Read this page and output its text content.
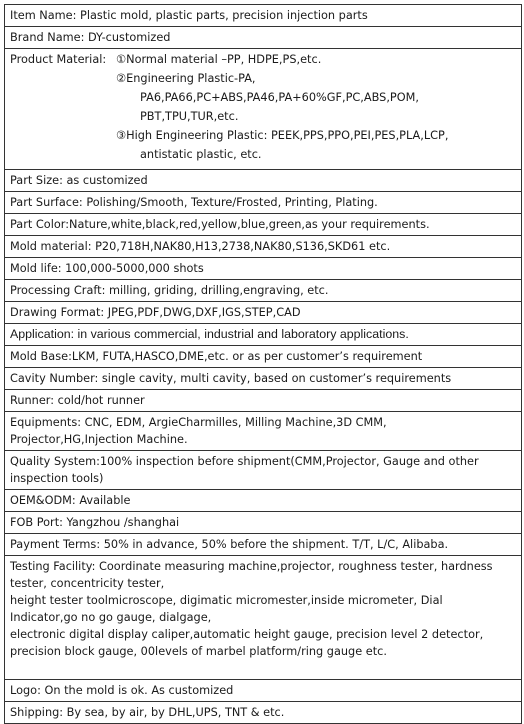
Item Name: Plastic mold, plastic parts, precision injection parts
Brand Name: DY-customized
Product Material: ①Normal material –PP, HDPE,PS,etc.
②Engineering Plastic-PA,
PA6,PA66,PC+ABS,PA46,PA+60%GF,PC,ABS,POM,
PBT,TPU,TUR,etc.
③High Engineering Plastic: PEEK,PPS,PPO,PEI,PES,PLA,LCP,
antistatic plastic, etc.
Part Size: as customized
Part Surface: Polishing/Smooth, Texture/Frosted, Printing, Plating.
Part Color:Nature,white,black,red,yellow,blue,green,as your requirements.
Mold material: P20,718H,NAK80,H13,2738,NAK80,S136,SKD61 etc.
Mold life: 100,000-5000,000 shots
Processing Craft: milling, griding, drilling,engraving, etc.
Drawing Format: JPEG,PDF,DWG,DXF,IGS,STEP,CAD
Application: in various commercial, industrial and laboratory applications.
Mold Base:LKM, FUTA,HASCO,DME,etc. or as per customer’s requirement
Cavity Number: single cavity, multi cavity, based on customer’s requirements
Runner: cold/hot runner
Equipments: CNC, EDM, ArgieCharmilles, Milling Machine,3D CMM,
Projector,HG,Injection Machine.
Quality System:100% inspection before shipment(CMM,Projector, Gauge and other
inspection tools)
OEM&ODM: Available
FOB Port: Yangzhou /shanghai
Payment Terms: 50% in advance, 50% before the shipment. T/T, L/C, Alibaba.
Testing Facility: Coordinate measuring machine,projector, roughness tester, hardness
tester, concentricity tester,
height tester toolmicroscope, digimatic micromester,inside micrometer, Dial
Indicator,go no go gauge, dialgage,
electronic digital display caliper,automatic height gauge, precision level 2 detector,
precision block gauge, 00levels of marbel platform/ring gauge etc.
Logo: On the mold is ok. As customized
Shipping: By sea, by air, by DHL,UPS, TNT & etc.
